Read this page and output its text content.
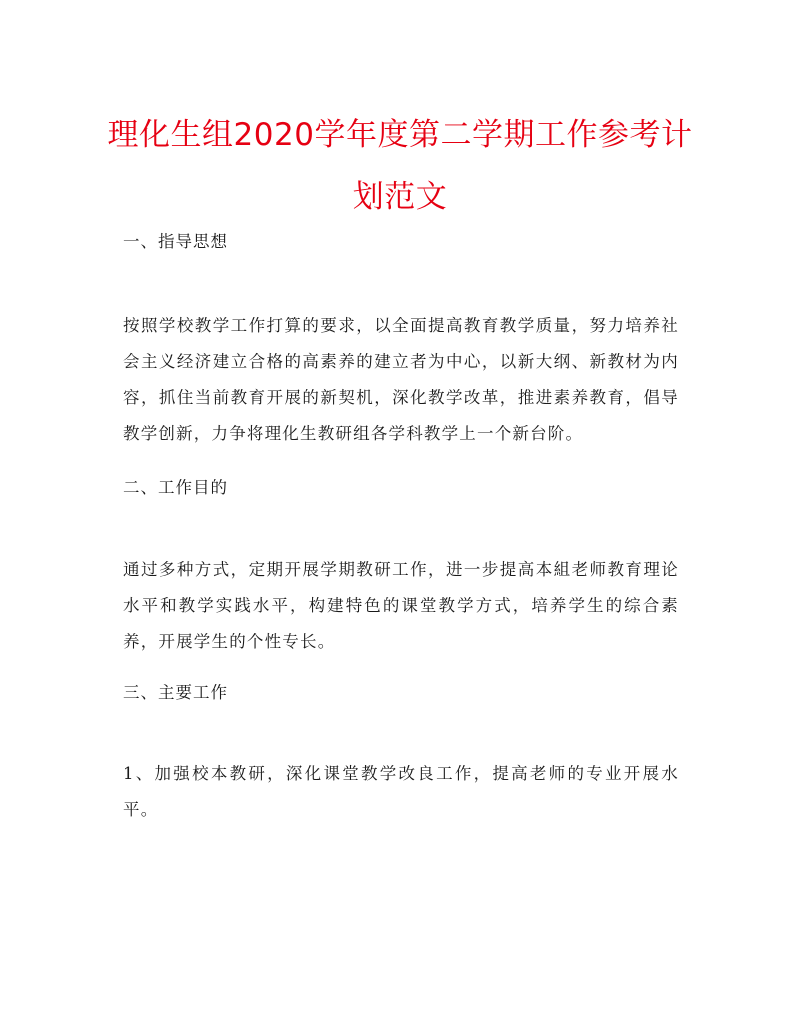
理化生组2020学年度第二学期工作参考计划范文

一、指导思想

按照学校教学工作打算的要求，以全面提高教育教学质量，努力培养社会主义经济建立合格的高素养的建立者为中心，以新大纲、新教材为内容，抓住当前教育开展的新契机，深化教学改革，推进素养教育，倡导教学创新，力争将理化生教研组各学科教学上一个新台阶。

二、工作目的

通过多种方式，定期开展学期教研工作，进一步提高本組老师教育理论水平和教学实践水平，构建特色的课堂教学方式，培养学生的综合素养，开展学生的个性专长。

三、主要工作

1、加强校本教研，深化课堂教学改良工作，提高老师的专业开展水平。
